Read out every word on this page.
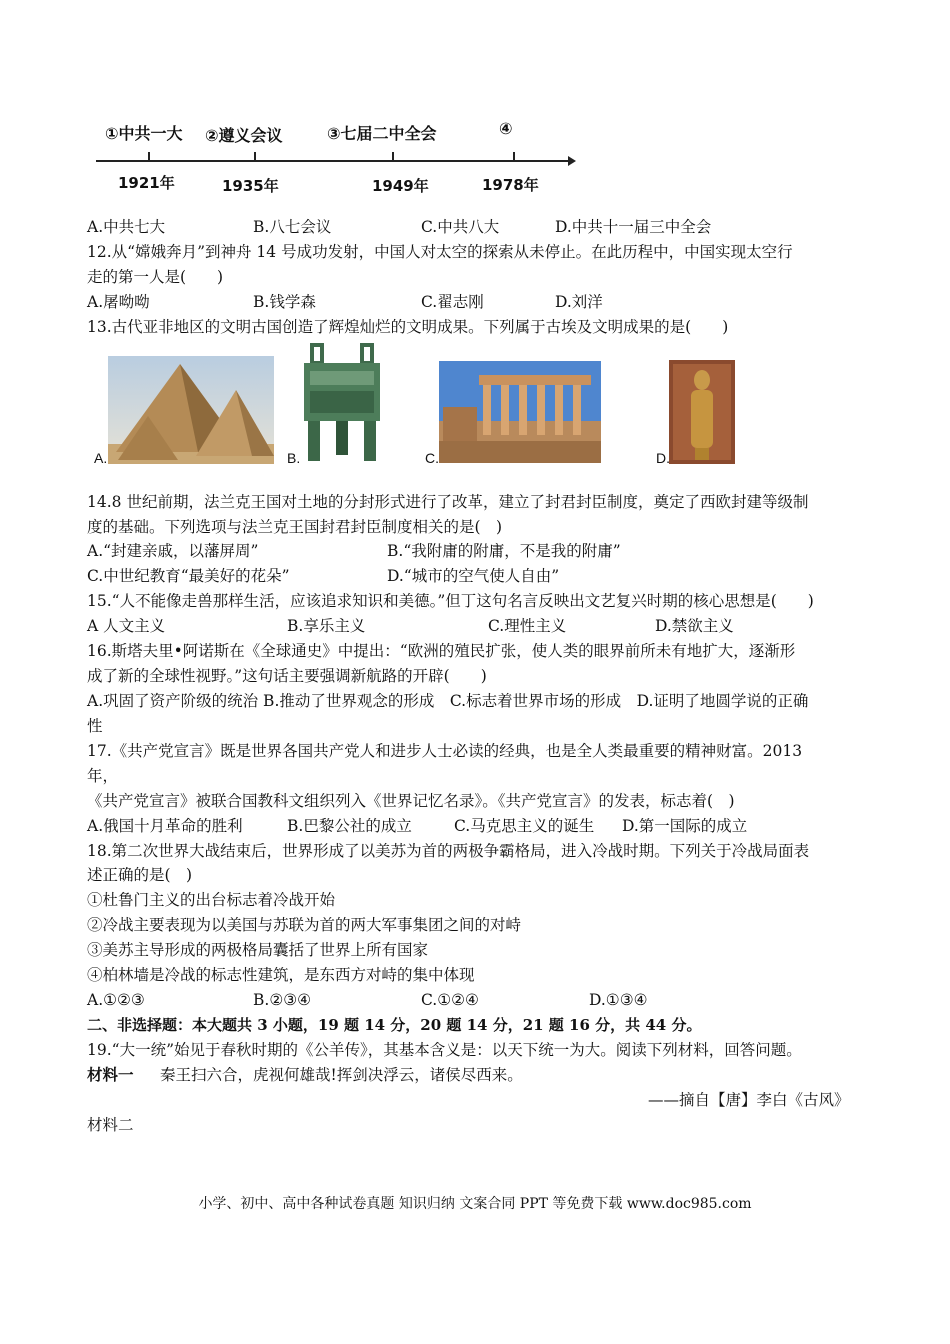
①中共一大 ②遵义会议	③七届二中全会	④
1921年	1935年	1949年	1978年
A.中共七大	B.八七会议	C.中共八大	D.中共十一届三中全会
12.从“嫦娥奔月”到神舟 14 号成功发射，中国人对太空的探索从未停止。在此历程中，中国实现太空行
走的第一人是(　　)
A.屠呦呦	B.钱学森	C.翟志刚	D.刘洋
13.古代亚非地区的文明古国创造了辉煌灿烂的文明成果。下列属于古埃及文明成果的是(　　)
A.	B.	C.	D.
14.8 世纪前期，法兰克王国对土地的分封形式进行了改革，建立了封君封臣制度，奠定了西欧封建等级制
度的基础。下列选项与法兰克王国封君封臣制度相关的是(　)
A.“封建亲戚，以藩屏周”	B.“我附庸的附庸，不是我的附庸”
C.中世纪教育“最美好的花朵”	D.“城市的空气使人自由”
15.“人不能像走兽那样生活，应该追求知识和美德。”但丁这句名言反映出文艺复兴时期的核心思想是(　　)
A 人文主义	B.享乐主义	C.理性主义	D.禁欲主义
16.斯塔夫里•阿诺斯在《全球通史》中提出：“欧洲的殖民扩张，使人类的眼界前所未有地扩大，逐渐形
成了新的全球性视野。”这句话主要强调新航路的开辟(　　)
A.巩固了资产阶级的统治 B.推动了世界观念的形成　C.标志着世界市场的形成　D.证明了地圆学说的正确
性
17.《共产党宣言》既是世界各国共产党人和进步人士必读的经典，也是全人类最重要的精神财富。2013
年，
《共产党宣言》被联合国教科文组织列入《世界记忆名录》。《共产党宣言》的发表，标志着(　)
A.俄国十月革命的胜利	B.巴黎公社的成立	C.马克思主义的诞生 D.第一国际的成立
18.第二次世界大战结束后，世界形成了以美苏为首的两极争霸格局，进入冷战时期。下列关于冷战局面表
述正确的是(　)
①杜鲁门主义的出台标志着冷战开始
②冷战主要表现为以美国与苏联为首的两大军事集团之间的对峙
③美苏主导形成的两极格局囊括了世界上所有国家
④柏林墙是冷战的标志性建筑，是东西方对峙的集中体现
A.①②③	B.②③④	C.①②④	D.①③④
二、非选择题：本大题共 3 小题，19 题 14 分，20 题 14 分，21 题 16 分，共 44 分。
19.“大一统”始见于春秋时期的《公羊传》，其基本含义是：以天下统一为大。阅读下列材料，回答问题。
材料一 秦王扫六合，虎视何雄哉!挥剑决浮云，诸侯尽西来。
——摘自【唐】李白《古风》
材料二
小学、初中、高中各种试卷真题 知识归纳 文案合同 PPT 等免费下载 www.doc985.com
